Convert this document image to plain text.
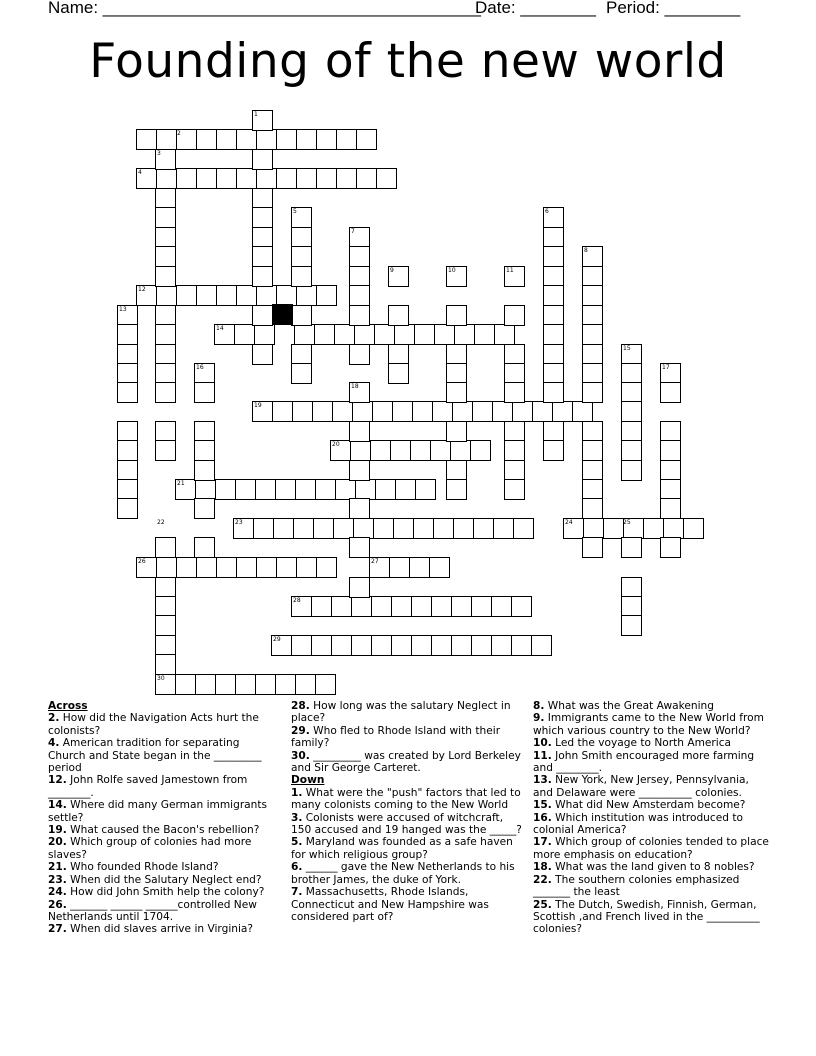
Name: ________________________________________
Date: ________ Period: ________
Founding of the new world
1
2
3
4
5	6
7
8
9	10	11
12
13
14
15
16	17
18
19
20
21
22	23	24	25
26	27
28
29
30
Across
2. How did the Navigation Acts hurt the colonists?
4. American tradition for separating Church and State began in the _________ period
12. John Rolfe saved Jamestown from ________.
14. Where did many German immigrants settle?
19. What caused the Bacon's rebellion?
20. Which group of colonies had more slaves?
21. Who founded Rhode Island?
23. When did the Salutary Neglect end?
24. How did John Smith help the colony?
26. _______ ______ ______controlled New Netherlands until 1704.
27. When did slaves arrive in Virginia?
28. How long was the salutary Neglect in place?
29. Who fled to Rhode Island with their family?
30. _________ was created by Lord Berkeley and Sir George Carteret.
Down
1. What were the "push" factors that led to many colonists coming to the New World
3. Colonists were accused of witchcraft, 150 accused and 19 hanged was the _____?
5. Maryland was founded as a safe haven for which religious group?
6. ______ gave the New Netherlands to his brother James, the duke of York.
7. Massachusetts, Rhode Islands, Connecticut and New Hampshire was considered part of?
8. What was the Great Awakening
9. Immigrants came to the New World from which various country to the New World?
10. Led the voyage to North America
11. John Smith encouraged more farming and ________.
13. New York, New Jersey, Pennsylvania, and Delaware were __________ colonies.
15. What did New Amsterdam become?
16. Which institution was introduced to colonial America?
17. Which group of colonies tended to place more emphasis on education?
18. What was the land given to 8 nobles?
22. The southern colonies emphasized _______ the least
25. The Dutch, Swedish, Finnish, German, Scottish ,and French lived in the __________ colonies?
